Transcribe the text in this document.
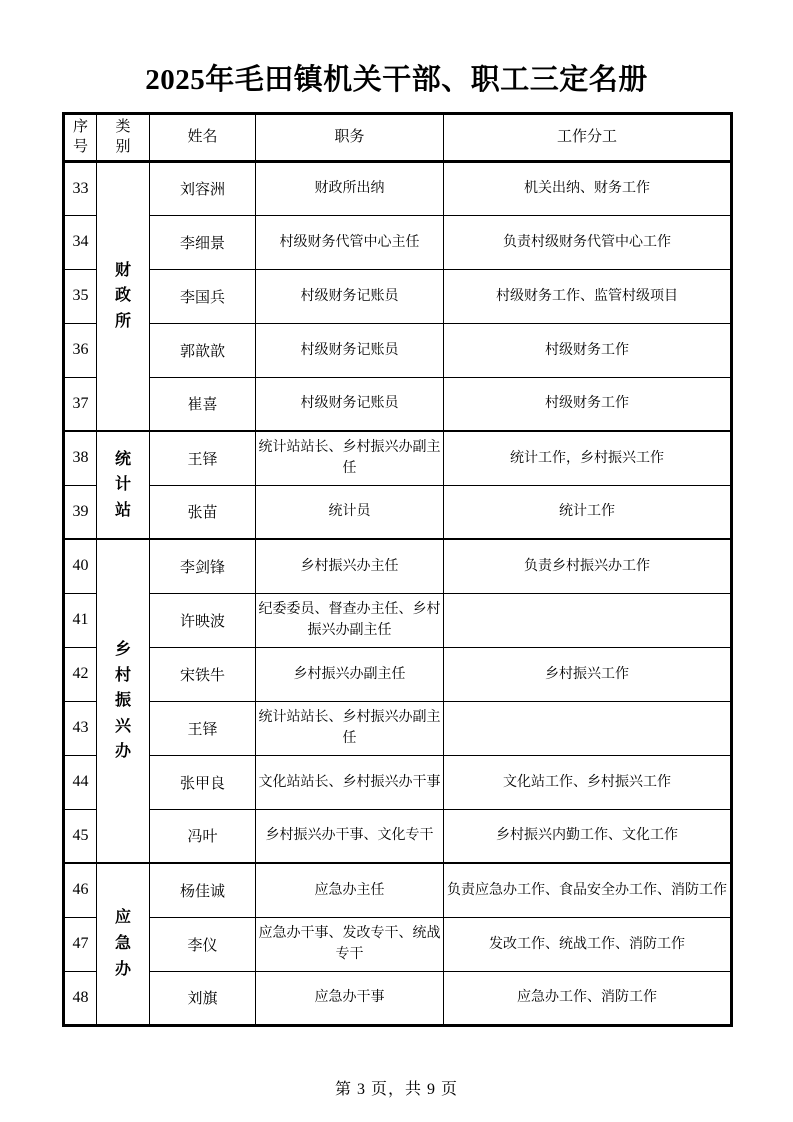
2025年毛田镇机关干部、职工三定名册
序号	类别	姓名	职务	工作分工
33	财政所	刘容洲	财政所出纳	机关出纳、财务工作
34		李细景	村级财务代管中心主任	负责村级财务代管中心工作
35		李国兵	村级财务记账员	村级财务工作、监管村级项目
36		郭歆歆	村级财务记账员	村级财务工作
37		崔喜	村级财务记账员	村级财务工作
38	统计站	王铎	统计站站长、乡村振兴办副主任	统计工作，乡村振兴工作
39		张苗	统计员	统计工作
40	乡村振兴办	李剑锋	乡村振兴办主任	负责乡村振兴办工作
41		许映波	纪委委员、督查办主任、乡村振兴办副主任	
42		宋铁牛	乡村振兴办副主任	乡村振兴工作
43		王铎	统计站站长、乡村振兴办副主任	
44		张甲良	文化站站长、乡村振兴办干事	文化站工作、乡村振兴工作
45		冯叶	乡村振兴办干事、文化专干	乡村振兴内勤工作、文化工作
46	应急办	杨佳诚	应急办主任	负责应急办工作、食品安全办工作、消防工作
47		李仪	应急办干事、发改专干、统战专干	发改工作、统战工作、消防工作
48		刘旗	应急办干事	应急办工作、消防工作
第 3 页，共 9 页
